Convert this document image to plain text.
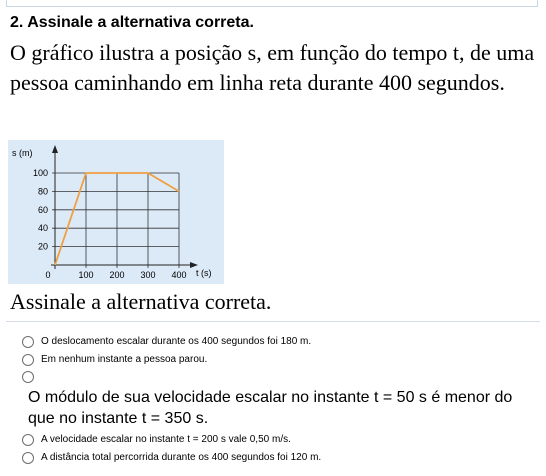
2. Assinale a alternativa correta.

O gráfico ilustra a posição s, em função do tempo t, de uma pessoa caminhando em linha reta durante 400 segundos.

0	100 200 300 400
20
40
60
80
100
s (m)
t (s)

Assinale a alternativa correta.

O deslocamento escalar durante os 400 segundos foi 180 m.
Em nenhum instante a pessoa parou.

O módulo de sua velocidade escalar no instante t = 50 s é menor do que no instante t = 350 s.

A velocidade escalar no instante t = 200 s vale 0,50 m/s.
A distância total percorrida durante os 400 segundos foi 120 m.
